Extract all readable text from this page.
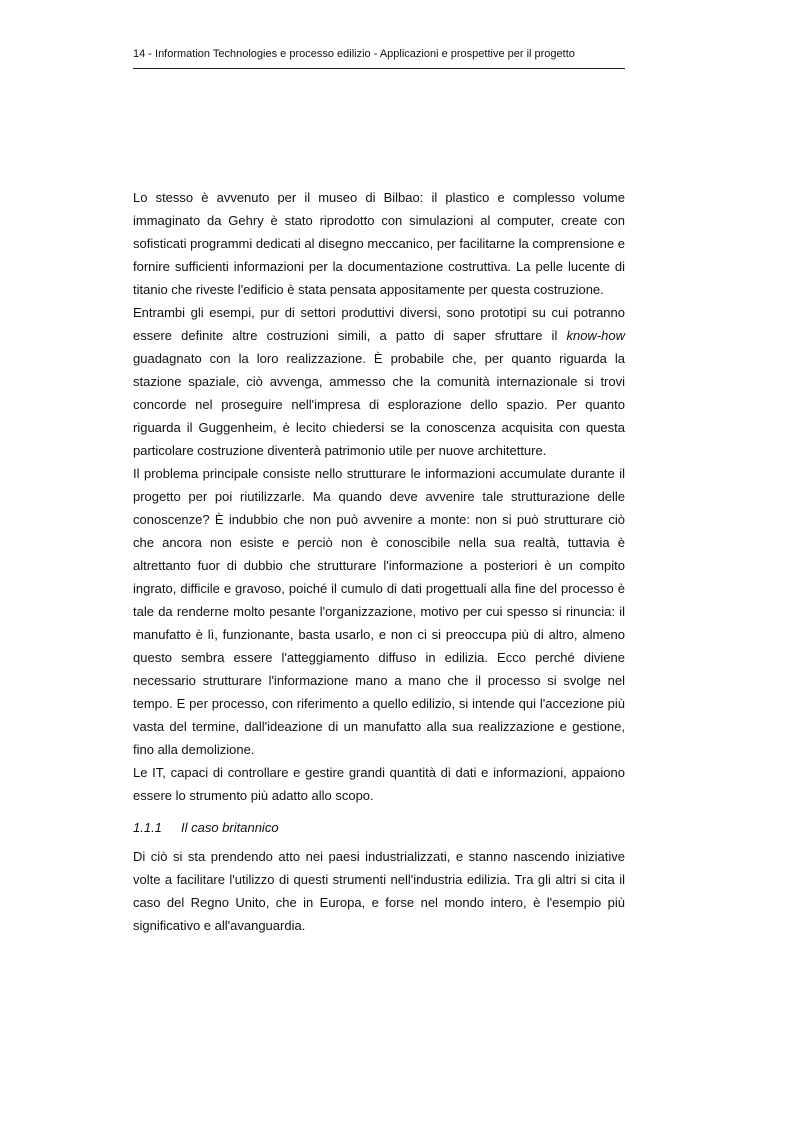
14 - Information Technologies e processo edilizio - Applicazioni e prospettive per il progetto

Lo stesso è avvenuto per il museo di Bilbao: il plastico e complesso volume immaginato da Gehry è stato riprodotto con simulazioni al computer, create con sofisticati programmi dedicati al disegno meccanico, per facilitarne la comprensione e fornire sufficienti informazioni per la documentazione costruttiva. La pelle lucente di titanio che riveste l'edificio è stata pensata appositamente per questa costruzione.

Entrambi gli esempi, pur di settori produttivi diversi, sono prototipi su cui potranno essere definite altre costruzioni simili, a patto di saper sfruttare il know-how guadagnato con la loro realizzazione. È probabile che, per quanto riguarda la stazione spaziale, ciò avvenga, ammesso che la comunità internazionale si trovi concorde nel proseguire nell'impresa di esplorazione dello spazio. Per quanto riguarda il Guggenheim, è lecito chiedersi se la conoscenza acquisita con questa particolare costruzione diventerà patrimonio utile per nuove architetture.

Il problema principale consiste nello strutturare le informazioni accumulate durante il progetto per poi riutilizzarle. Ma quando deve avvenire tale strutturazione delle conoscenze? È indubbio che non può avvenire a monte: non si può strutturare ciò che ancora non esiste e perciò non è conoscibile nella sua realtà, tuttavia è altrettanto fuor di dubbio che strutturare l'informazione a posteriori è un compito ingrato, difficile e gravoso, poiché il cumulo di dati progettuali alla fine del processo è tale da renderne molto pesante l'organizzazione, motivo per cui spesso si rinuncia: il manufatto è lì, funzionante, basta usarlo, e non ci si preoccupa più di altro, almeno questo sembra essere l'atteggiamento diffuso in edilizia. Ecco perché diviene necessario strutturare l'informazione mano a mano che il processo si svolge nel tempo. E per processo, con riferimento a quello edilizio, si intende qui l'accezione più vasta del termine, dall'ideazione di un manufatto alla sua realizzazione e gestione, fino alla demolizione.

Le IT, capaci di controllare e gestire grandi quantità di dati e informazioni, appaiono essere lo strumento più adatto allo scopo.

1.1.1 Il caso britannico

Di ciò si sta prendendo atto nei paesi industrializzati, e stanno nascendo iniziative volte a facilitare l'utilizzo di questi strumenti nell'industria edilizia. Tra gli altri si cita il caso del Regno Unito, che in Europa, e forse nel mondo intero, è l'esempio più significativo e all'avanguardia.
